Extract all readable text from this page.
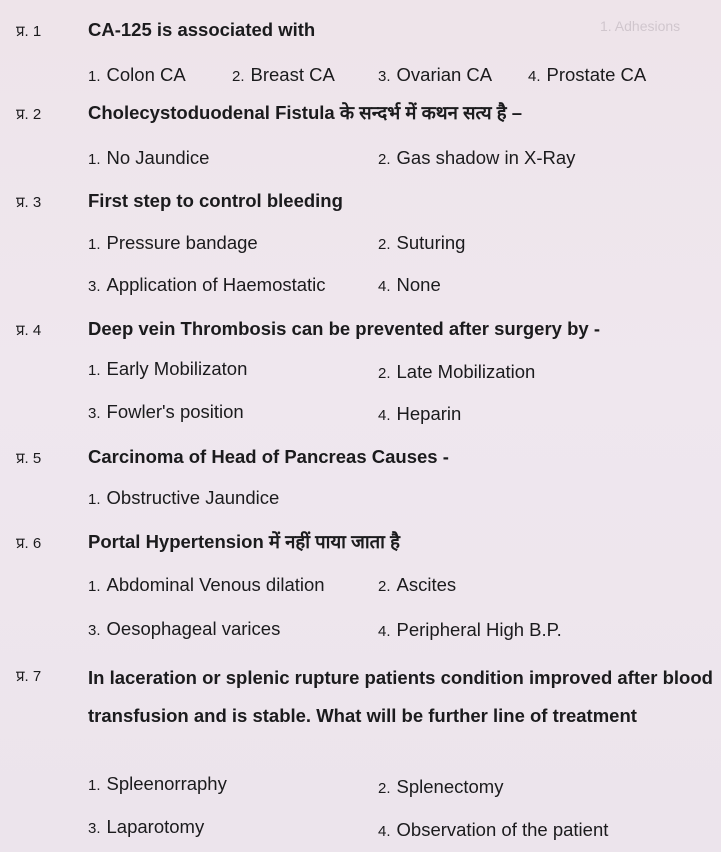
1. Adhesions
प्र. 1	CA-125 is associated with
1. Colon CA	2. Breast CA	3. Ovarian CA 4. Prostate CA
प्र. 2	Cholecystoduodenal Fistula के सन्दर्भ में कथन सत्य है –
1. No Jaundice	2. Gas shadow in X-Ray
प्र. 3	First step to control bleeding
1. Pressure bandage	2. Suturing
3. Application of Haemostatic	4. None
प्र. 4	Deep vein Thrombosis can be prevented after surgery by -
1. Early Mobilizaton	2. Late Mobilization
3. Fowler's position	4. Heparin
प्र. 5	Carcinoma of Head of Pancreas Causes -
1. Obstructive Jaundice
प्र. 6	Portal Hypertension में नहीं पाया जाता है
1. Abdominal Venous dilation	2. Ascites
3. Oesophageal varices	4. Peripheral High B.P.
प्र. 7	In laceration or splenic rupture patients condition improved after blood transfusion and is stable. What will be further line of treatment
1. Spleenorraphy	2. Splenectomy
3. Laparotomy	4. Observation of the patient
